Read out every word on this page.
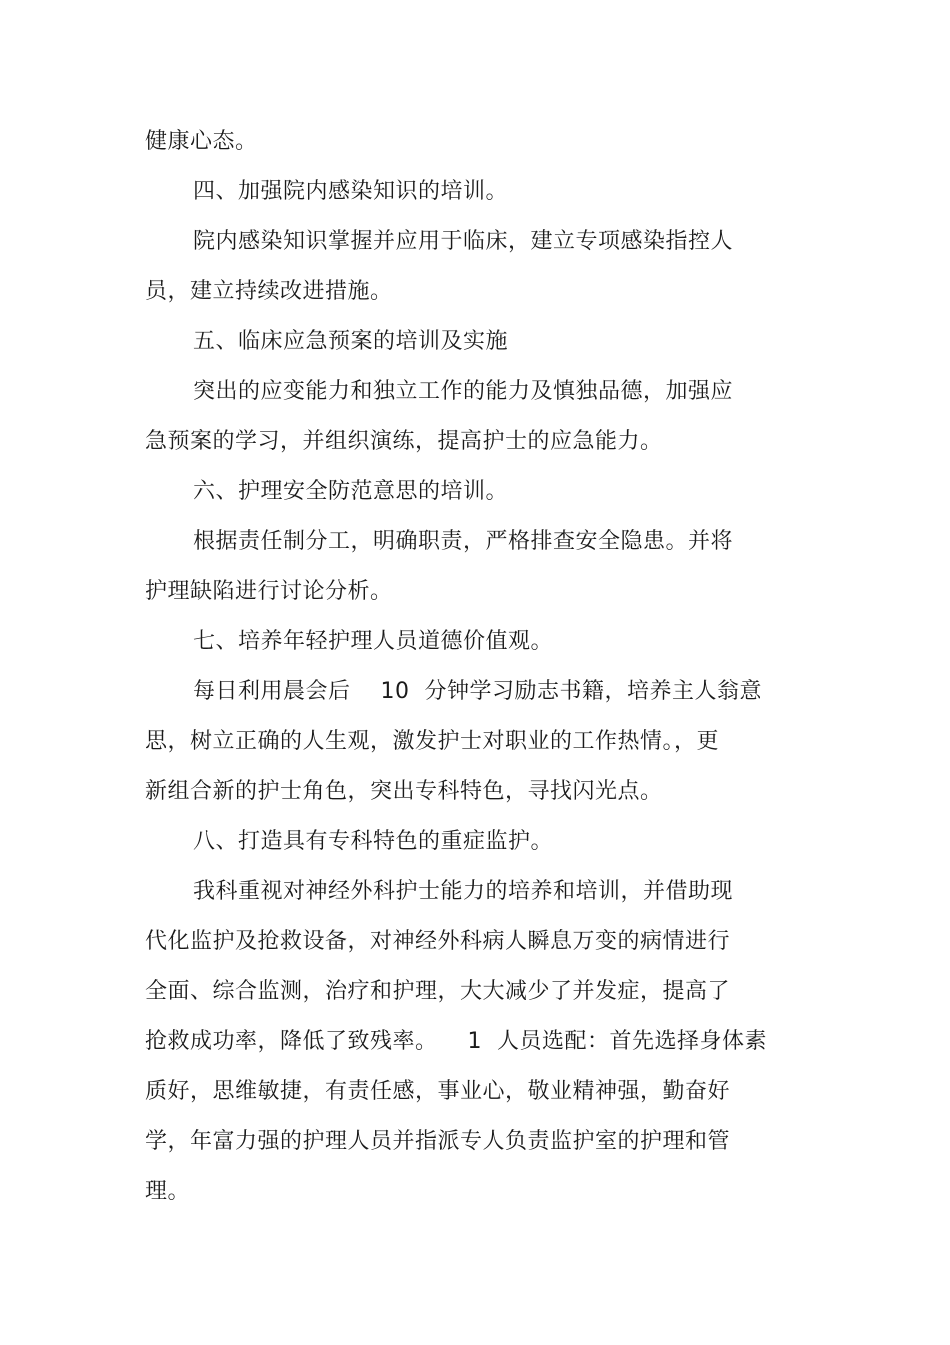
健康心态。
四、加强院内感染知识的培训。
院内感染知识掌握并应用于临床，建立专项感染指控人
员，建立持续改进措施。
五、临床应急预案的培训及实施
突出的应变能力和独立工作的能力及慎独品德，加强应
急预案的学习，并组织演练，提高护士的应急能力。
六、护理安全防范意思的培训。
根据责任制分工，明确职责，严格排查安全隐患。并将
护理缺陷进行讨论分析。
七、培养年轻护理人员道德价值观。
每日利用晨会后    10  分钟学习励志书籍，培养主人翁意
思，树立正确的人生观，激发护士对职业的工作热情。，更
新组合新的护士角色，突出专科特色，寻找闪光点。
八、打造具有专科特色的重症监护。
我科重视对神经外科护士能力的培养和培训，并借助现
代化监护及抢救设备，对神经外科病人瞬息万变的病情进行
全面、综合监测，治疗和护理，大大减少了并发症，提高了
抢救成功率，降低了致残率。    1  人员选配：首先选择身体素
质好，思维敏捷，有责任感，事业心，敬业精神强，勤奋好
学，年富力强的护理人员并指派专人负责监护室的护理和管
理。
